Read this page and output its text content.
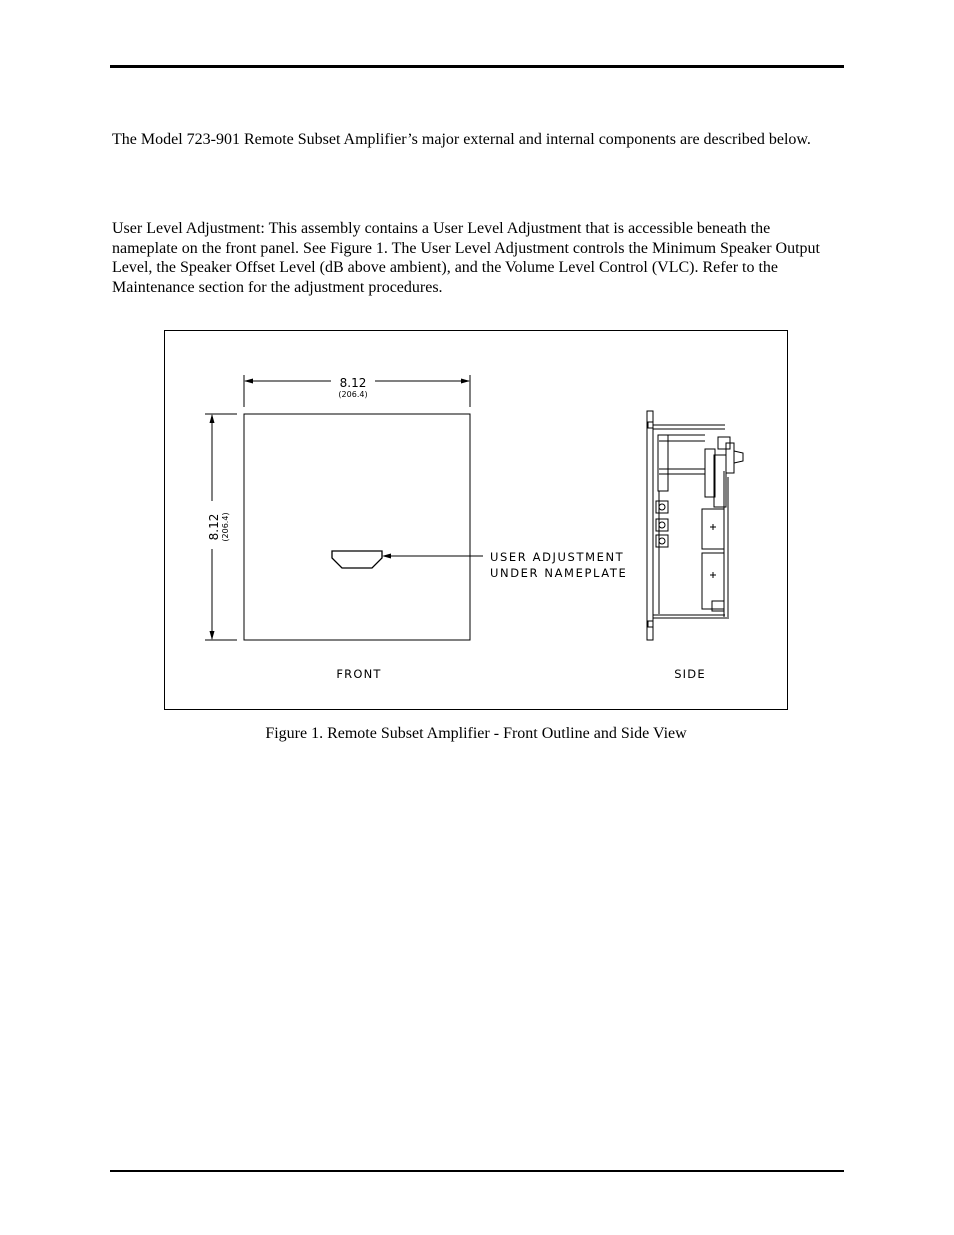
The Model 723-901 Remote Subset Amplifier’s major external and internal components are described below.

User Level Adjustment: This assembly contains a User Level Adjustment that is accessible beneath the nameplate on the front panel. See Figure 1. The User Level Adjustment controls the Minimum Speaker Output Level, the Speaker Offset Level (dB above ambient), and the Volume Level Control (VLC). Refer to the Maintenance section for the adjustment procedures.

8.12
(206.4)
8.12 (206.4)
USER ADJUSTMENT
UNDER NAMEPLATE
FRONT	SIDE

Figure 1. Remote Subset Amplifier - Front Outline and Side View
